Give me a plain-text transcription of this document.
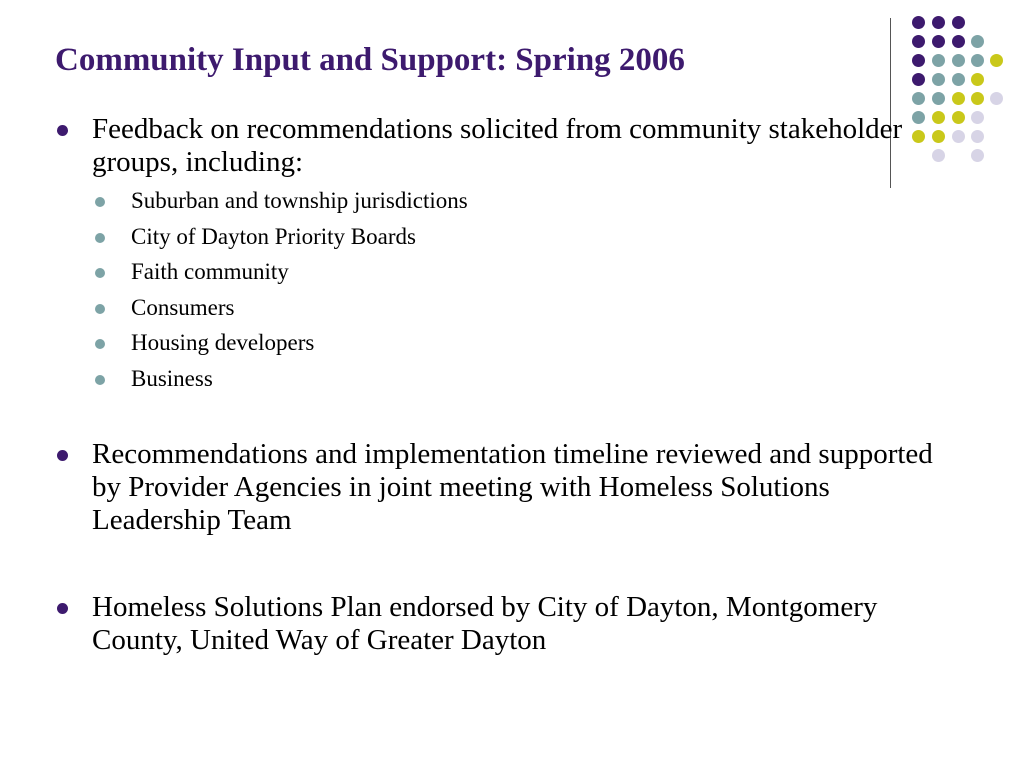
Community Input and Support: Spring 2006
Feedback on recommendations solicited from community stakeholder groups, including:
Suburban and township jurisdictions
City of Dayton Priority Boards
Faith community
Consumers
Housing developers
Business
Recommendations and implementation timeline reviewed and supported by Provider Agencies in joint meeting with Homeless Solutions Leadership Team
Homeless Solutions Plan endorsed by City of Dayton, Montgomery County, United Way of Greater Dayton
